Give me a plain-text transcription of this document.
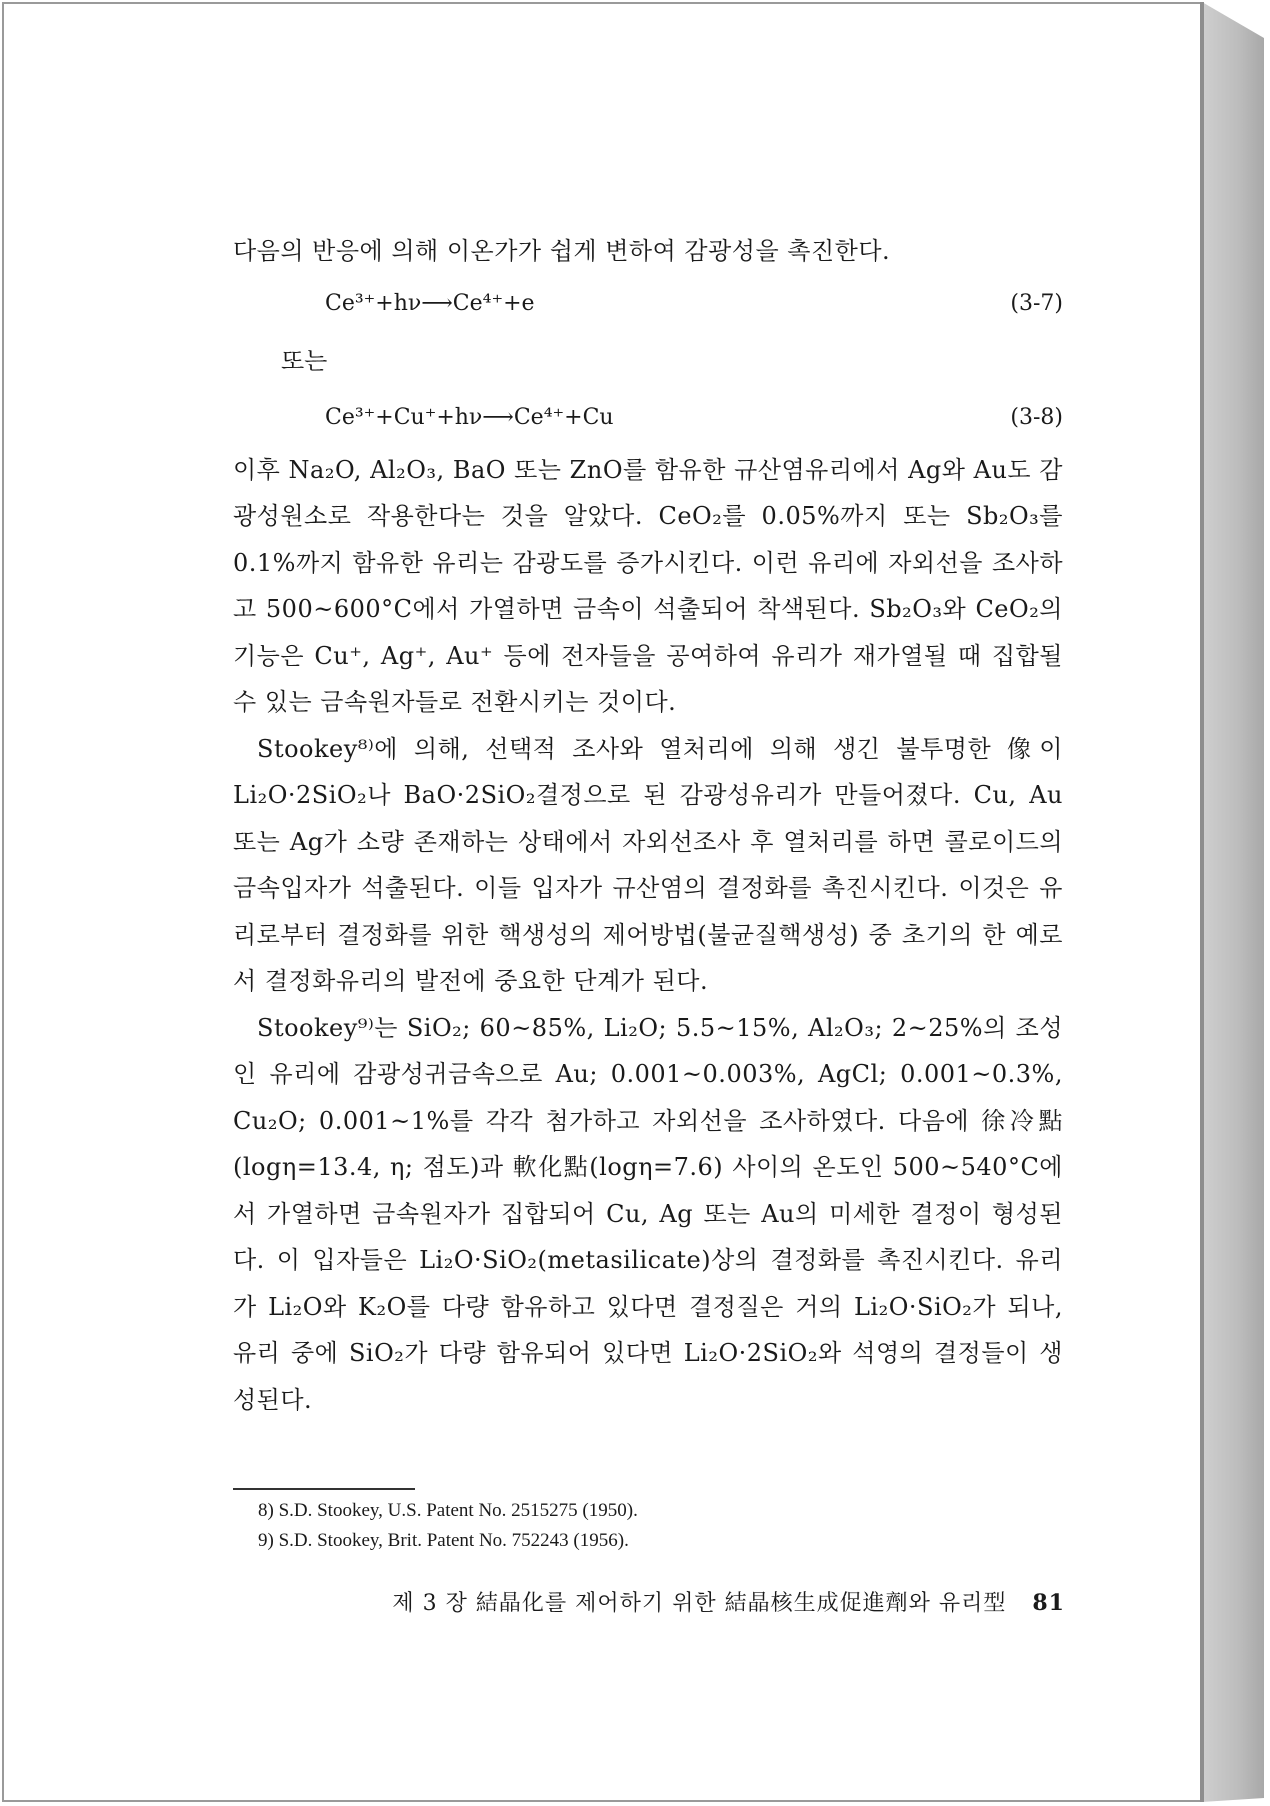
다음의 반응에 의해 이온가가 쉽게 변하여 감광성을 촉진한다.

Ce³⁺+hν⟶Ce⁴⁺+e	(3-7)
또는
Ce³⁺+Cu⁺+hν⟶Ce⁴⁺+Cu	(3-8)

이후 Na₂O, Al₂O₃, BaO 또는 ZnO를 함유한 규산염유리에서 Ag와 Au도 감광성원소로 작용한다는 것을 알았다. CeO₂를 0.05%까지 또는 Sb₂O₃를 0.1%까지 함유한 유리는 감광도를 증가시킨다. 이런 유리에 자외선을 조사하고 500~600°C에서 가열하면 금속이 석출되어 착색된다. Sb₂O₃와 CeO₂의 기능은 Cu⁺, Ag⁺, Au⁺ 등에 전자들을 공여하여 유리가 재가열될 때 집합될 수 있는 금속원자들로 전환시키는 것이다.

Stookey⁸⁾에 의해, 선택적 조사와 열처리에 의해 생긴 불투명한 像이 Li₂O·2SiO₂나 BaO·2SiO₂결정으로 된 감광성유리가 만들어졌다. Cu, Au 또는 Ag가 소량 존재하는 상태에서 자외선조사 후 열처리를 하면 콜로이드의 금속입자가 석출된다. 이들 입자가 규산염의 결정화를 촉진시킨다. 이것은 유리로부터 결정화를 위한 핵생성의 제어방법(불균질핵생성) 중 초기의 한 예로서 결정화유리의 발전에 중요한 단계가 된다.

Stookey⁹⁾는 SiO₂; 60~85%, Li₂O; 5.5~15%, Al₂O₃; 2~25%의 조성인 유리에 감광성귀금속으로 Au; 0.001~0.003%, AgCl; 0.001~0.3%, Cu₂O; 0.001~1%를 각각 첨가하고 자외선을 조사하였다. 다음에 徐冷點(logη=13.4, η; 점도)과 軟化點(logη=7.6) 사이의 온도인 500~540°C에서 가열하면 금속원자가 집합되어 Cu, Ag 또는 Au의 미세한 결정이 형성된다. 이 입자들은 Li₂O·SiO₂(metasilicate)상의 결정화를 촉진시킨다. 유리가 Li₂O와 K₂O를 다량 함유하고 있다면 결정질은 거의 Li₂O·SiO₂가 되나, 유리 중에 SiO₂가 다량 함유되어 있다면 Li₂O·2SiO₂와 석영의 결정들이 생성된다.

8) S.D. Stookey, U.S. Patent No. 2515275 (1950).
9) S.D. Stookey, Brit. Patent No. 752243 (1956).
제 3 장 結晶化를 제어하기 위한 結晶核生成促進劑와 유리型 81
